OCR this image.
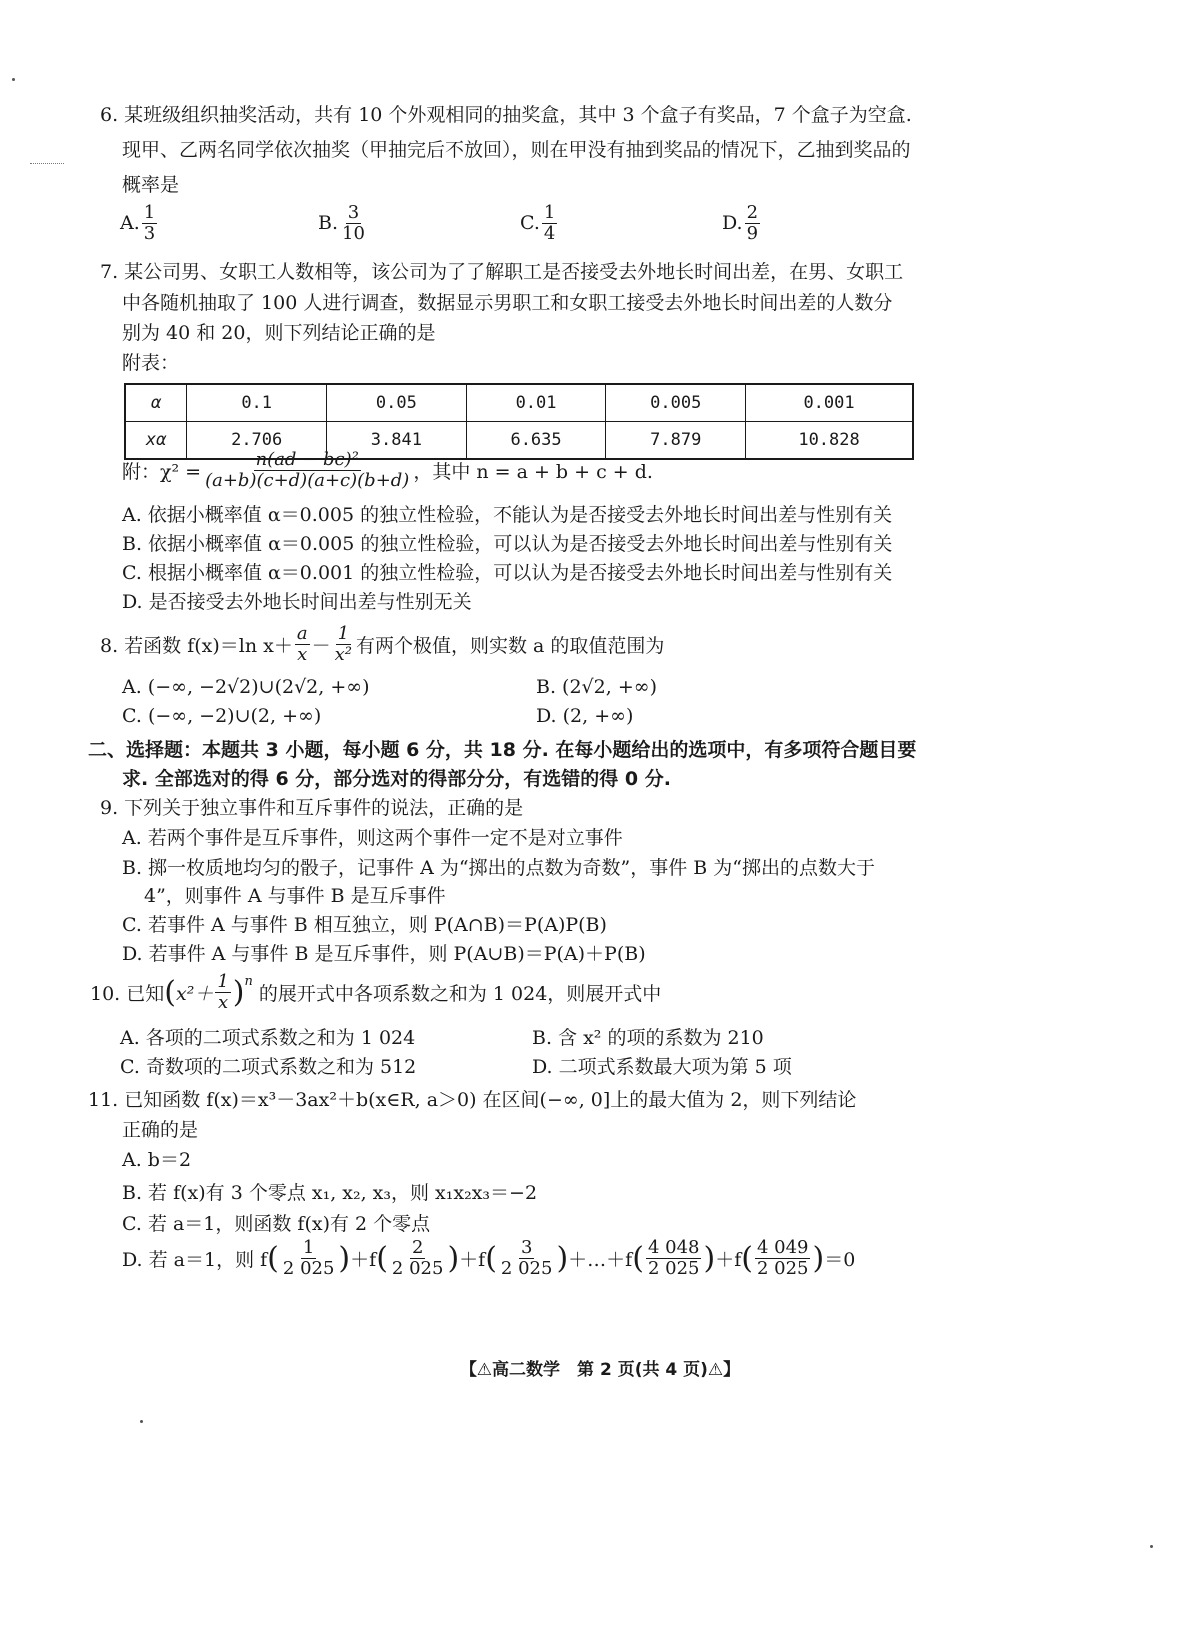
6. 某班级组织抽奖活动，共有 10 个外观相同的抽奖盒，其中 3 个盒子有奖品，7 个盒子为空盒.
现甲、乙两名同学依次抽奖（甲抽完后不放回），则在甲没有抽到奖品的情况下，乙抽到奖品的
概率是
A. $\frac{1}{3}$	B. $\frac{3}{10}$	C. $\frac{1}{4}$	D. $\frac{2}{9}$
7. 某公司男、女职工人数相等，该公司为了了解职工是否接受去外地长时间出差，在男、女职工
中各随机抽取了 100 人进行调查，数据显示男职工和女职工接受去外地长时间出差的人数分
别为 40 和 20，则下列结论正确的是
附表：
α	0.1	0.05	0.01	0.005	0.001
xα	2.706	3.841	6.635	7.879	10.828
附：$\chi^2 = \frac{\text{n(ad − bc)²}}{(a+b)(c+d)(a+c)(b+d)}$ ，其中 n = a + b + c + d.
A. 依据小概率值 α＝0.005 的独立性检验，不能认为是否接受去外地长时间出差与性别有关
B. 依据小概率值 α＝0.005 的独立性检验，可以认为是否接受去外地长时间出差与性别有关
C. 根据小概率值 α＝0.001 的独立性检验，可以认为是否接受去外地长时间出差与性别有关
D. 是否接受去外地长时间出差与性别无关
8. 若函数 f(x)＝ln $x+ \frac{a}{x} - \frac{1}{\text{x²}}$ 有两个极值，则实数 a 的取值范围为
A. (−∞, −2√2)∪(2√2, +∞)	B. (2√2, +∞)
C. (−∞, −2)∪(2, +∞)	D. (2, +∞)
二、选择题：本题共 3 小题，每小题 6 分，共 18 分. 在每小题给出的选项中，有多项符合题目要
求. 全部选对的得 6 分，部分选对的得部分分，有选错的得 0 分.
9. 下列关于独立事件和互斥事件的说法，正确的是
A. 若两个事件是互斥事件，则这两个事件一定不是对立事件
B. 掷一枚质地均匀的骰子，记事件 A 为“掷出的点数为奇数”，事件 B 为“掷出的点数大于
4”，则事件 A 与事件 B 是互斥事件
C. 若事件 A 与事件 B 相互独立，则 P(A∩B)＝P(A)P(B)
D. 若事件 A 与事件 B 是互斥事件，则 P(A∪B)＝P(A)＋P(B)
10. 已知 ( $x^2+ \frac{1}{x} )^n$
的展开式中各项系数之和为 1 024，则展开式中
A. 各项的二项式系数之和为 1 024	B. 含 x² 的项的系数为 210
C. 奇数项的二项式系数之和为 512	D. 二项式系数最大项为第 5 项
11. 已知函数 f(x)＝x³－3ax²＋b(x∈R, a＞0) 在区间(−∞, 0]上的最大值为 2，则下列结论
正确的是
A. b＝2
B. 若 f(x)有 3 个零点 x₁, x₂, x₃，则 x₁x₂x₃＝−2
C. 若 a＝1，则函数 f(x)有 2 个零点
D. 若 a＝1，则 f ( $\frac{1}{2 025}$ ) ＋f ( $\frac{2}{2 025}$ ) ＋f ( $\frac{3}{2 025}$ ) ＋…＋f ( $\frac{4 048}{2 025}$ ) ＋f ( $\frac{4 049}{2 025}$ ) ＝0
【⚠高二数学　第 2 页(共 4 页)⚠】
